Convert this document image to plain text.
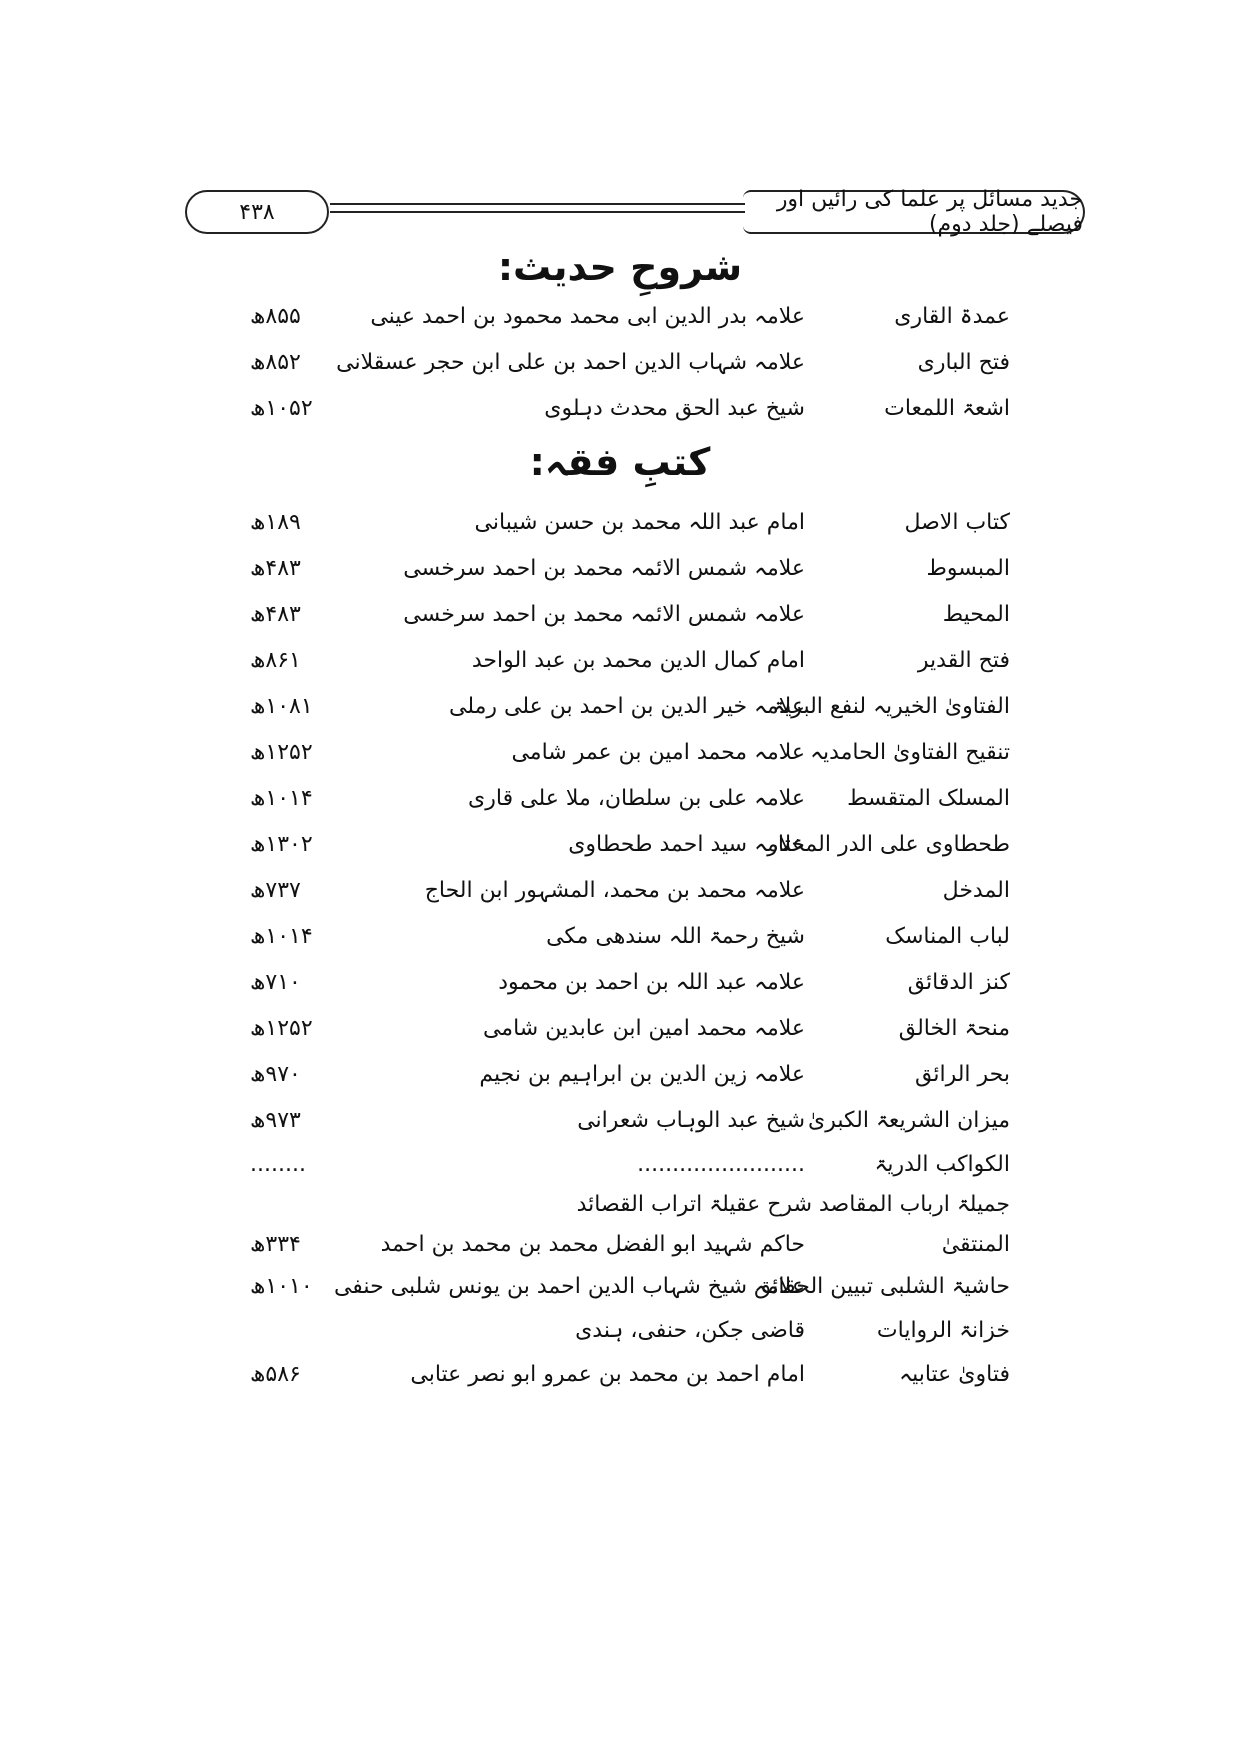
۴۳۸	جدید مسائل پر علما کی رائیں اور فیصلے (جلد دوم)
شروحِ حدیث:
عمدۃ القاری
علامہ بدر الدین ابی محمد محمود بن احمد عینی
۸۵۵ھ
فتح الباری
علامہ شہاب الدین احمد بن علی ابن حجر عسقلانی
۸۵۲ھ
اشعۃ اللمعات
شیخ عبد الحق محدث دہلوی
۱۰۵۲ھ
کتبِ فقہ:
کتاب الاصل
امام عبد اللہ محمد بن حسن شیبانی
۱۸۹ھ
المبسوط
علامہ شمس الائمہ محمد بن احمد سرخسی
۴۸۳ھ
المحیط
علامہ شمس الائمہ محمد بن احمد سرخسی
۴۸۳ھ
فتح القدیر
امام کمال الدین محمد بن عبد الواحد
۸۶۱ھ
الفتاویٰ الخیریہ لنفع البریۃ
علامہ خیر الدین بن احمد بن علی رملی
۱۰۸۱ھ
تنقیح الفتاویٰ الحامدیہ
علامہ محمد امین بن عمر شامی
۱۲۵۲ھ
المسلک المتقسط
علامہ علی بن سلطان، ملا علی قاری
۱۰۱۴ھ
طحطاوی علی الدر المختار
علامہ سید احمد طحطاوی
۱۳۰۲ھ
المدخل
علامہ محمد بن محمد، المشہور ابن الحاج
۷۳۷ھ
لباب المناسک
شیخ رحمۃ اللہ سندھی مکی
۱۰۱۴ھ
کنز الدقائق
علامہ عبد اللہ بن احمد بن محمود
۷۱۰ھ
منحۃ الخالق
علامہ محمد امین ابن عابدین شامی
۱۲۵۲ھ
بحر الرائق
علامہ زین الدین بن ابراہیم بن نجیم
۹۷۰ھ
میزان الشریعۃ الکبریٰ
شیخ عبد الوہاب شعرانی
۹۷۳ھ
الکواکب الدریۃ
........................
........
جمیلۃ ارباب المقاصد شرح عقیلۃ اتراب القصائد
المنتقیٰ
حاکم شہید ابو الفضل محمد بن محمد بن احمد
۳۳۴ھ
حاشیۃ الشلبی تبیین الحقائق
علامہ شیخ شہاب الدین احمد بن یونس شلبی حنفی
۱۰۱۰ھ
خزانۃ الروایات
قاضی جکن، حنفی، ہندی
فتاویٰ عتابیہ
امام احمد بن محمد بن عمرو ابو نصر عتابی
۵۸۶ھ
